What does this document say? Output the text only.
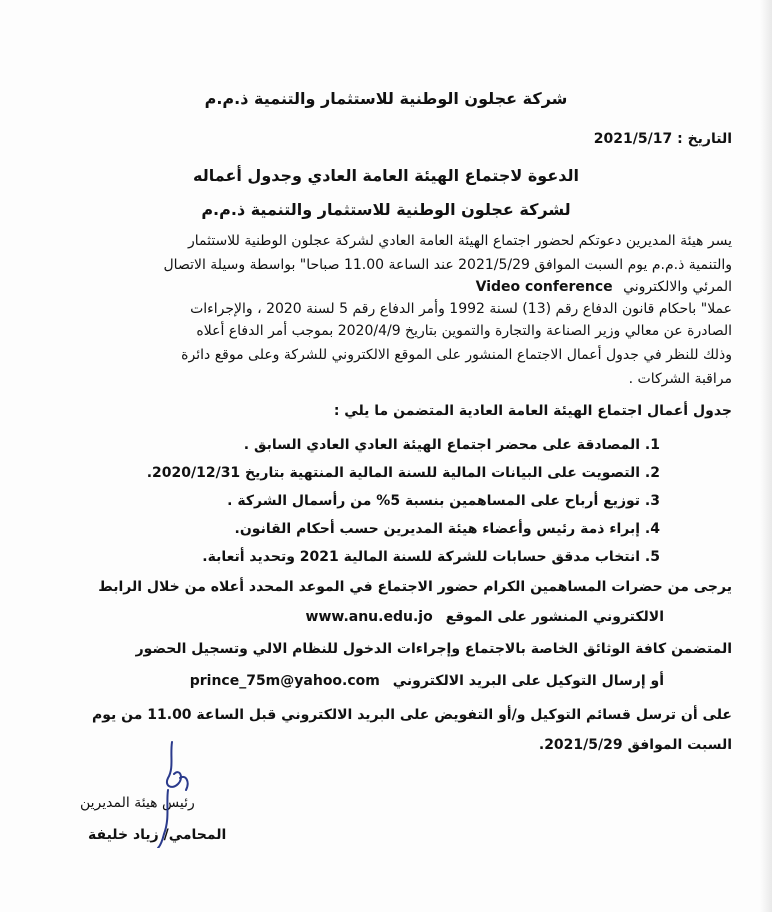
شركة عجلون الوطنية للاستثمار والتنمية ذ.م.م
التاريخ : 2021/5/17
الدعوة لاجتماع الهيئة العامة العادي وجدول أعماله
لشركة عجلون الوطنية للاستثمار والتنمية ذ.م.م
يسر هيئة المديرين دعوتكم لحضور اجتماع الهيئة العامة العادي لشركة عجلون الوطنية للاستثمار
والتنمية ذ.م.م يوم السبت الموافق 2021/5/29 عند الساعة 11.00 صباحا" بواسطة وسيلة الاتصال
المرئي والالكتروني Video conference
عملا" باحكام قانون الدفاع رقم (13) لسنة 1992 وأمر الدفاع رقم 5 لسنة 2020 ، والإجراءات
الصادرة عن معالي وزير الصناعة والتجارة والتموين بتاريخ 2020/4/9 بموجب أمر الدفاع أعلاه
وذلك للنظر في جدول أعمال الاجتماع المنشور على الموقع الالكتروني للشركة وعلى موقع دائرة
مراقبة الشركات .
جدول أعمال اجتماع الهيئة العامة العادية المتضمن ما يلي :
1. المصادقة على محضر اجتماع الهيئة العادي العادي السابق .
2. التصويت على البيانات المالية للسنة المالية المنتهية بتاريخ 2020/12/31.
3. توزيع أرباح على المساهمين بنسبة 5% من رأسمال الشركة .
4. إبراء ذمة رئيس وأعضاء هيئة المديرين حسب أحكام القانون.
5. انتخاب مدقق حسابات للشركة للسنة المالية 2021 وتحديد أتعابة.
يرجى من حضرات المساهمين الكرام حضور الاجتماع في الموعد المحدد أعلاه من خلال الرابط
الالكتروني المنشور على الموقع www.anu.edu.jo
المتضمن كافة الوثائق الخاصة بالاجتماع وإجراءات الدخول للنظام الالي وتسجيل الحضور
أو إرسال التوكيل على البريد الالكتروني prince_75m@yahoo.com
على أن ترسل قسائم التوكيل و/أو التفويض على البريد الالكتروني قبل الساعة 11.00 من يوم
السبت الموافق 2021/5/29.
رئيس هيئة المديرين
المحامي/ زياد خليفة
